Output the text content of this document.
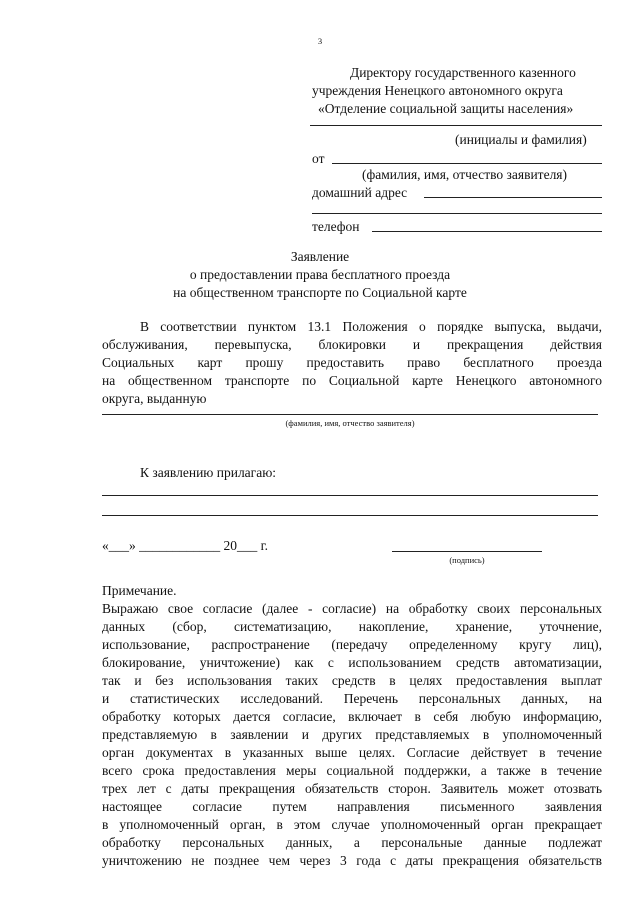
3
Директору государственного казенного
учреждения Ненецкого автономного округа
«Отделение социальной защиты населения»
(инициалы и фамилия)
от
(фамилия, имя, отчество заявителя)
домашний адрес
телефон
Заявление
о предоставлении права бесплатного проезда
на общественном транспорте по Социальной карте
В соответствии пунктом 13.1 Положения о порядке выпуска, выдачи,
обслуживания, перевыпуска, блокировки и прекращения действия
Социальных карт прошу предоставить право бесплатного проезда
на общественном транспорте по Социальной карте Ненецкого автономного
округа, выданную
(фамилия, имя, отчество заявителя)
К заявлению прилагаю:
«___» ____________ 20___ г.
(подпись)
Примечание.
Выражаю свое согласие (далее - согласие) на обработку своих персональных
данных (сбор, систематизацию, накопление, хранение, уточнение,
использование, распространение (передачу определенному кругу лиц),
блокирование, уничтожение) как с использованием средств автоматизации,
так и без использования таких средств в целях предоставления выплат
и статистических исследований. Перечень персональных данных, на
обработку которых дается согласие, включает в себя любую информацию,
представляемую в заявлении и других представляемых в уполномоченный
орган документах в указанных выше целях. Согласие действует в течение
всего срока предоставления меры социальной поддержки, а также в течение
трех лет с даты прекращения обязательств сторон. Заявитель может отозвать
настоящее согласие путем направления письменного заявления
в уполномоченный орган, в этом случае уполномоченный орган прекращает
обработку персональных данных, а персональные данные подлежат
уничтожению не позднее чем через 3 года с даты прекращения обязательств
